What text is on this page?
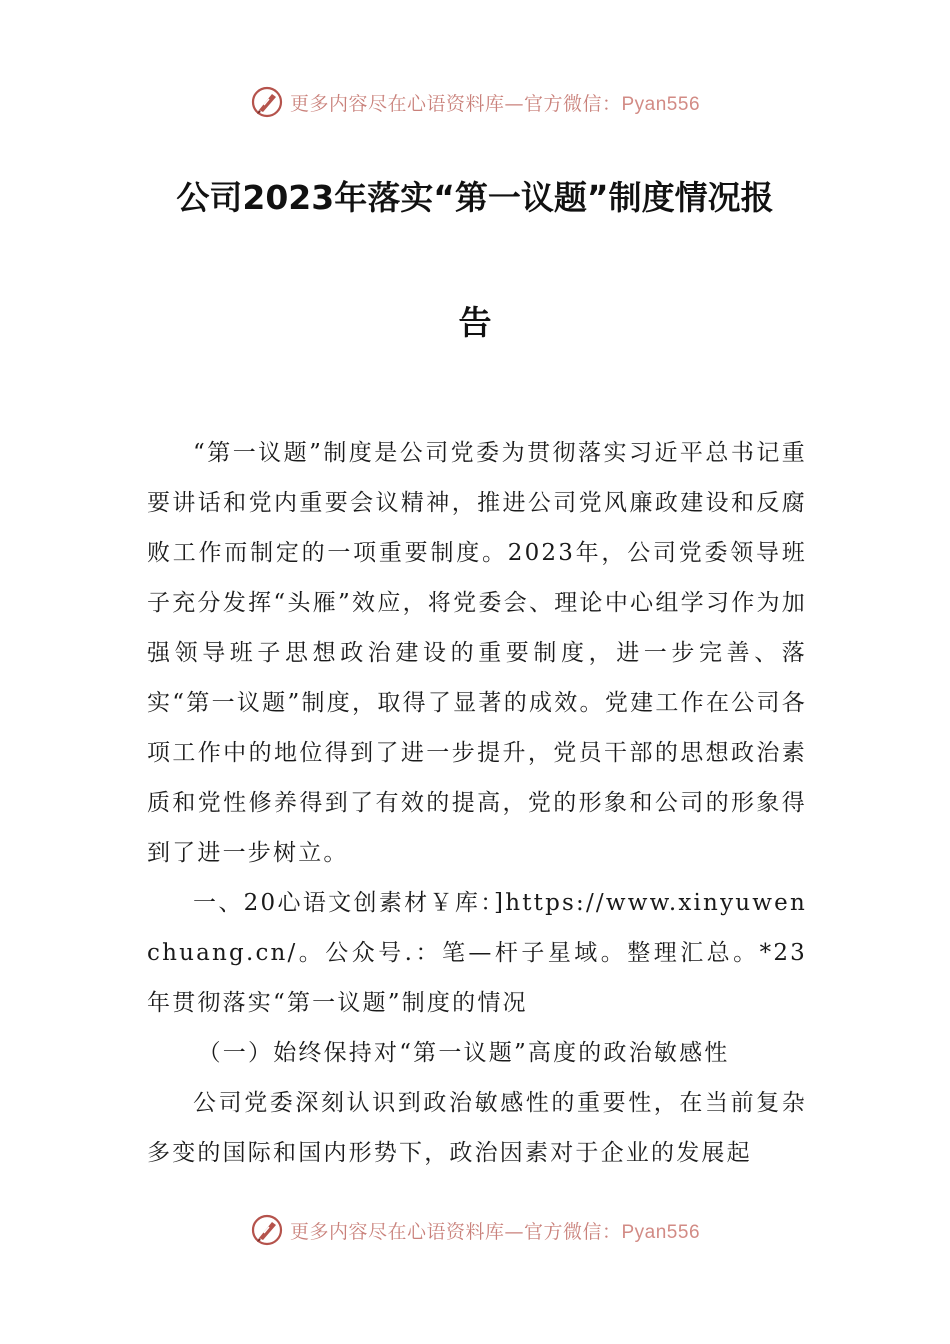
更多内容尽在心语资料库—官方微信：Pyan556
公司2023年落实“第一议题”制度情况报
告

“第一议题”制度是公司党委为贯彻落实习近平总书记重要讲话和党内重要会议精神，推进公司党风廉政建设和反腐败工作而制定的一项重要制度。2023年，公司党委领导班子充分发挥“头雁”效应，将党委会、理论中心组学习作为加强领导班子思想政治建设的重要制度，进一步完善、落实“第一议题”制度，取得了显著的成效。党建工作在公司各项工作中的地位得到了进一步提升，党员干部的思想政治素质和党性修养得到了有效的提高，党的形象和公司的形象得到了进一步树立。

一、20心语文创素材￥库：]https://www.xinyuwenchuang.cn/。公众号.：笔—杆子星域。整理汇总。*23年贯彻落实“第一议题”制度的情况

（一）始终保持对“第一议题”高度的政治敏感性

公司党委深刻认识到政治敏感性的重要性，在当前复杂多变的国际和国内形势下，政治因素对于企业的发展起

更多内容尽在心语资料库—官方微信：Pyan556
